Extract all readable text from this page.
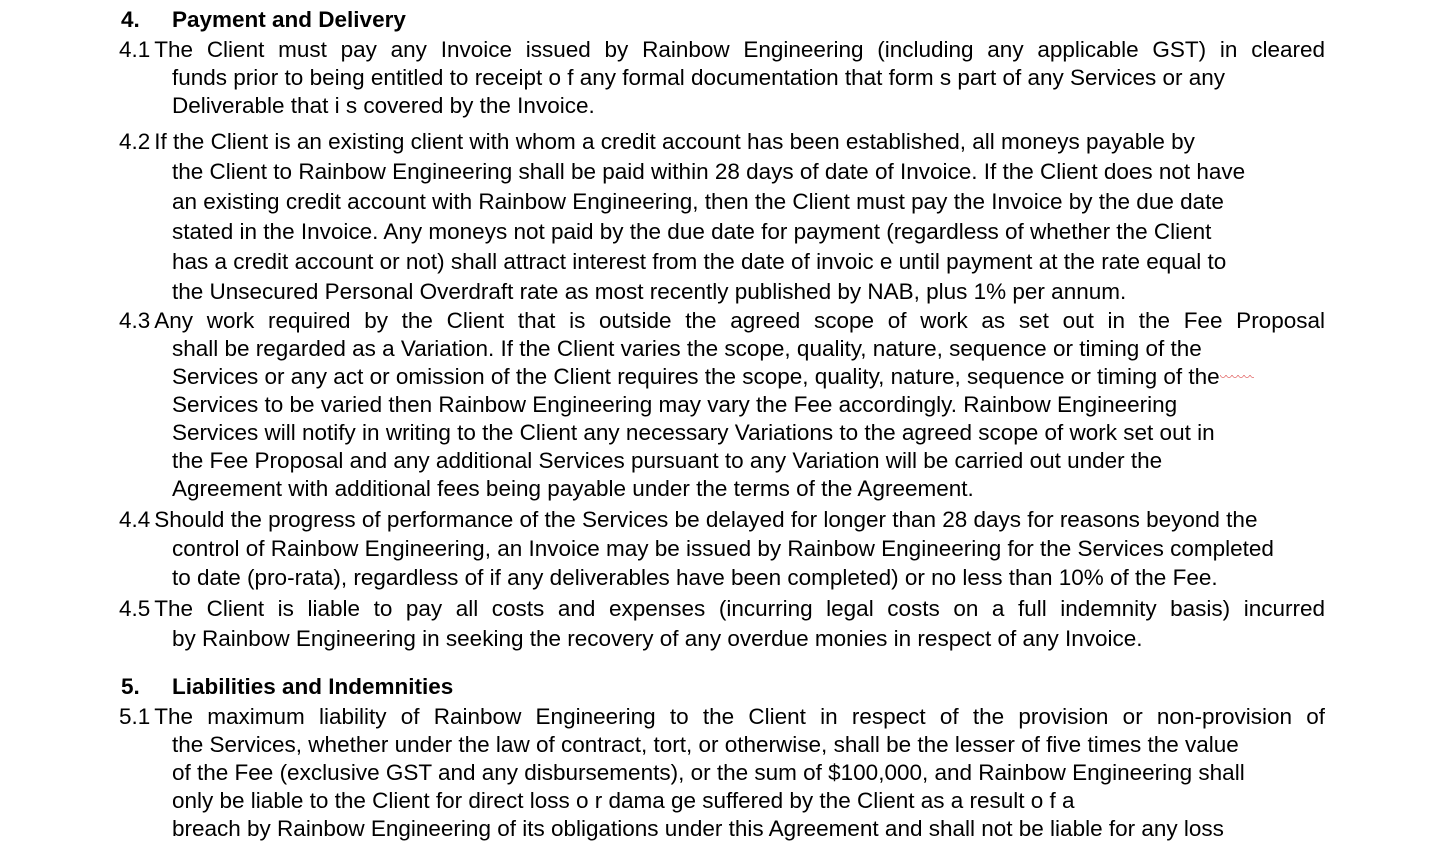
4. Payment and Delivery
4.1 The Client must pay any Invoice issued by Rainbow Engineering (including any applicable GST) in cleared
funds prior to being entitled to receipt o f any formal documentation that form s part of any Services or any
Deliverable that i s covered by the Invoice.
4.2 If the Client is an existing client with whom a credit account has been established, all moneys payable by
the Client to Rainbow Engineering shall be paid within 28 days of date of Invoice. If the Client does not have
an existing credit account with Rainbow Engineering, then the Client must pay the Invoice by the due date
stated in the Invoice. Any moneys not paid by the due date for payment (regardless of whether the Client
has a credit account or not) shall attract interest from the date of invoic e until payment at the rate equal to
the Unsecured Personal Overdraft rate as most recently published by NAB, plus 1% per annum.
4.3 Any work required by the Client that is outside the agreed scope of work as set out in the Fee Proposal
shall be regarded as a Variation. If the Client varies the scope, quality, nature, sequence or timing of the
Services or any act or omission of the Client requires the scope, quality, nature, sequence or timing of the
Services to be varied then Rainbow Engineering may vary the Fee accordingly. Rainbow Engineering
Services will notify in writing to the Client any necessary Variations to the agreed scope of work set out in
the Fee Proposal and any additional Services pursuant to any Variation will be carried out under the
Agreement with additional fees being payable under the terms of the Agreement.
4.4 Should the progress of performance of the Services be delayed for longer than 28 days for reasons beyond the
control of Rainbow Engineering, an Invoice may be issued by Rainbow Engineering for the Services completed
to date (pro-rata), regardless of if any deliverables have been completed) or no less than 10% of the Fee.
4.5 The Client is liable to pay all costs and expenses (incurring legal costs on a full indemnity basis) incurred
by Rainbow Engineering in seeking the recovery of any overdue monies in respect of any Invoice.
5. Liabilities and Indemnities
5.1 The maximum liability of Rainbow Engineering to the Client in respect of the provision or non-provision of
the Services, whether under the law of contract, tort, or otherwise, shall be the lesser of five times the value
of the Fee (exclusive GST and any disbursements), or the sum of $100,000, and Rainbow Engineering shall
only be liable to the Client for direct loss o r dama ge suffered by the Client as a result o f a
breach by Rainbow Engineering of its obligations under this Agreement and shall not be liable for any loss
